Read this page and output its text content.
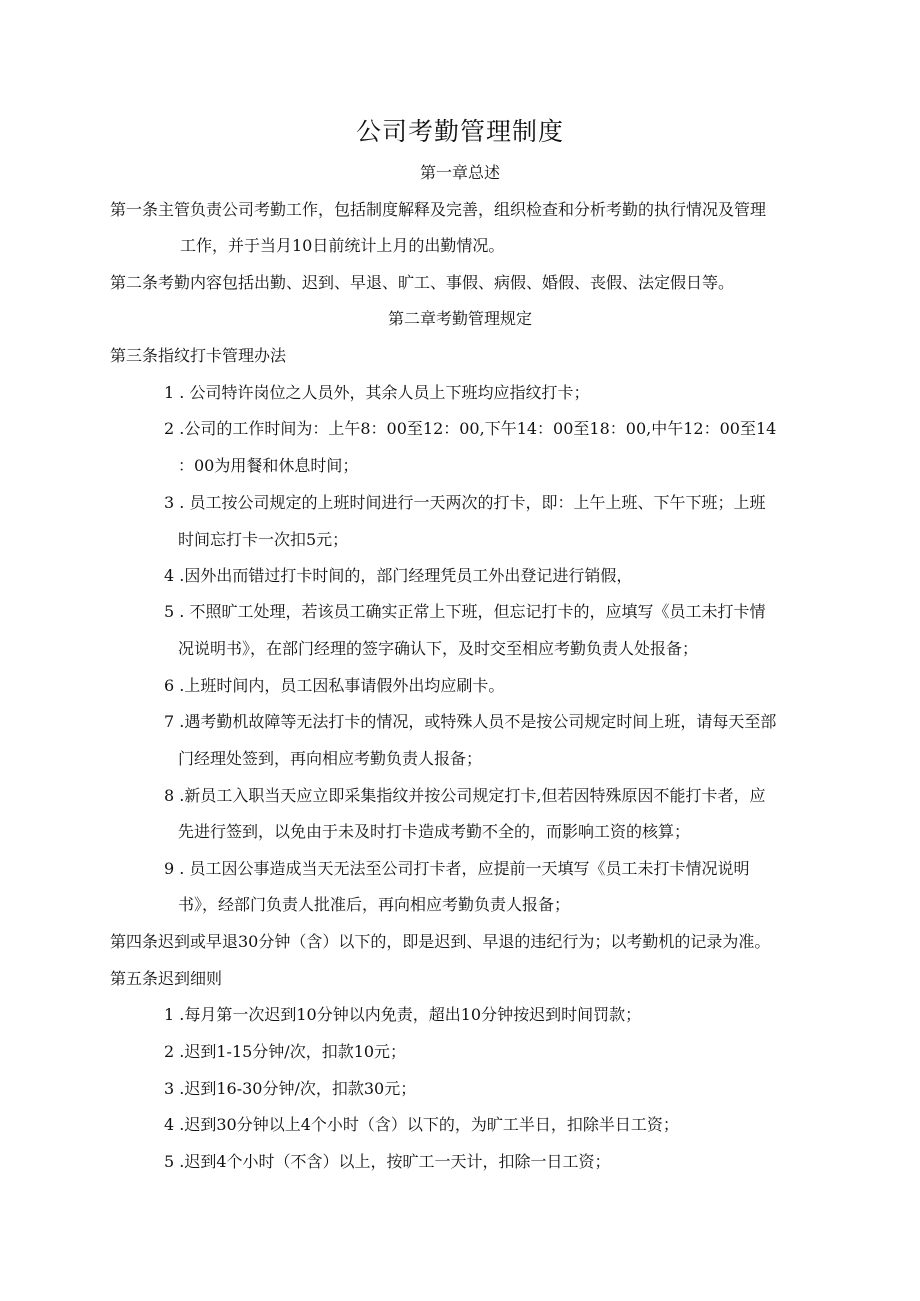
公司考勤管理制度
第一章总述
第一条主管负责公司考勤工作，包括制度解释及完善，组织检查和分析考勤的执行情况及管理
工作，并于当月10日前统计上月的出勤情况。
第二条考勤内容包括出勤、迟到、早退、旷工、事假、病假、婚假、丧假、法定假日等。
第二章考勤管理规定
第三条指纹打卡管理办法
1 . 公司特许岗位之人员外，其余人员上下班均应指纹打卡；
2 .公司的工作时间为：上午8：00至12：00,下午14：00至18：00,中午12：00至14
：00为用餐和休息时间；
3 . 员工按公司规定的上班时间进行一天两次的打卡，即：上午上班、下午下班；上班
时间忘打卡一次扣5元；
4 .因外出而错过打卡时间的，部门经理凭员工外出登记进行销假，
5 . 不照旷工处理，若该员工确实正常上下班，但忘记打卡的，应填写《员工未打卡情
况说明书》，在部门经理的签字确认下，及时交至相应考勤负责人处报备；
6 .上班时间内，员工因私事请假外出均应刷卡。
7 .遇考勤机故障等无法打卡的情况，或特殊人员不是按公司规定时间上班，请每天至部
门经理处签到，再向相应考勤负责人报备；
8 .新员工入职当天应立即采集指纹并按公司规定打卡,但若因特殊原因不能打卡者，应
先进行签到，以免由于未及时打卡造成考勤不全的，而影响工资的核算；
9 . 员工因公事造成当天无法至公司打卡者，应提前一天填写《员工未打卡情况说明
书》，经部门负责人批准后，再向相应考勤负责人报备；
第四条迟到或早退30分钟（含）以下的，即是迟到、早退的违纪行为；以考勤机的记录为准。
第五条迟到细则
1 .每月第一次迟到10分钟以内免责，超出10分钟按迟到时间罚款；
2 .迟到1-15分钟/次，扣款10元；
3 .迟到16-30分钟/次，扣款30元；
4 .迟到30分钟以上4个小时（含）以下的，为旷工半日，扣除半日工资；
5 .迟到4个小时（不含）以上，按旷工一天计，扣除一日工资；
